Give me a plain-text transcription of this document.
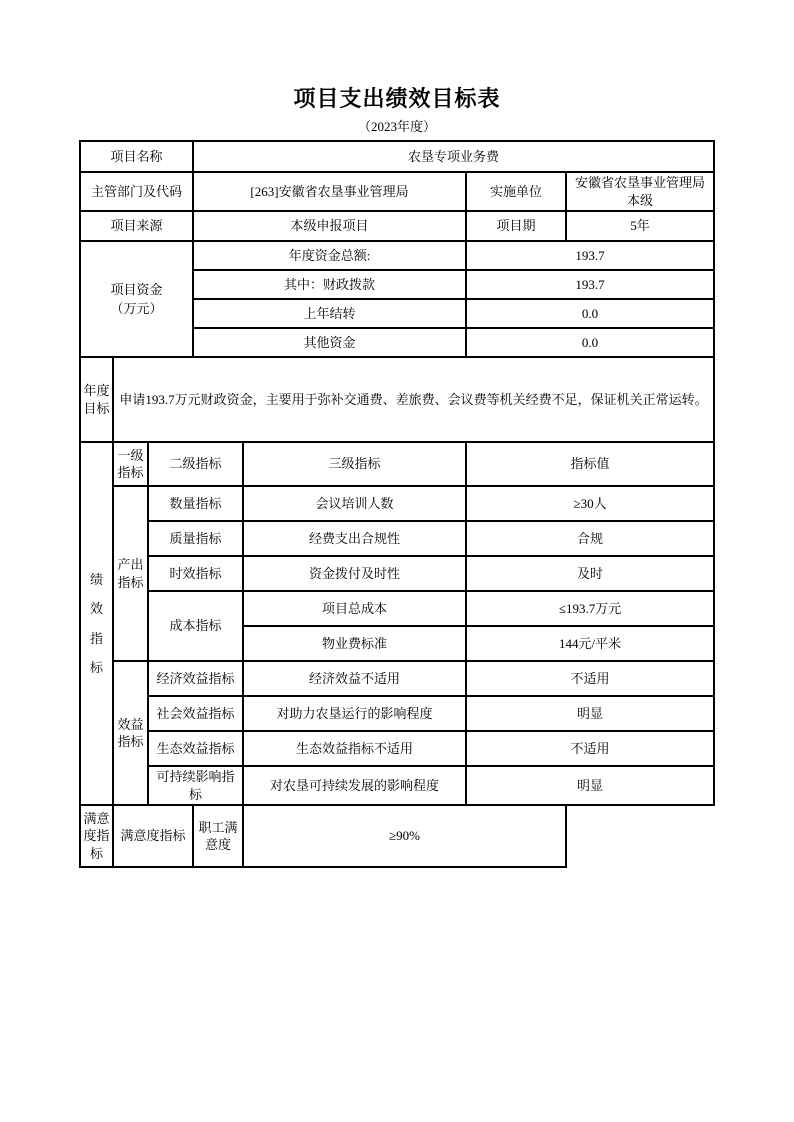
项目支出绩效目标表
（2023年度）
项目名称			农垦专项业务费			
主管部门及代码			[263]安徽省农垦事业管理局		实施单位	安徽省农垦事业管理局本级
项目来源			本级申报项目		项目期	5年
项目资金（万元）			年度资金总额:		193.7	
			其中：财政拨款		193.7	
			上年结转		0.0	
			其他资金		0.0	
年度目标	申请193.7万元财政资金，主要用于弥补交通费、差旅费、会议费等机关经费不足，保证机关正常运转。					
绩效指标	一级指标	二级指标		三级指标	指标值	
	产出指标	数量指标		会议培训人数	≥30人	
		质量指标		经费支出合规性	合规	
		时效指标		资金拨付及时性	及时	
		成本指标		项目总成本	≤193.7万元	
				物业费标准	144元/平米	
	效益指标	经济效益指标		经济效益不适用	不适用	
		社会效益指标		对助力农垦运行的影响程度	明显	
		生态效益指标		生态效益指标不适用	不适用	
		可持续影响指标		对农垦可持续发展的影响程度	明显	
满意度指标	满意度指标		职工满意度	≥90%		
